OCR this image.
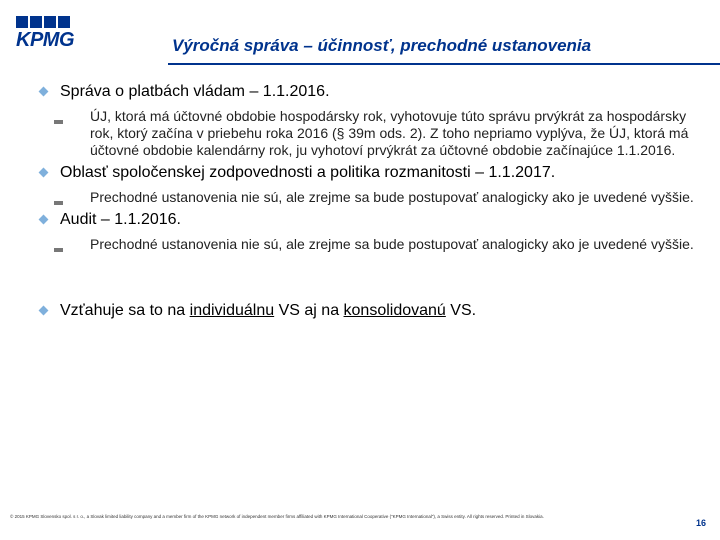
KPMG	Výročná správa – účinnosť, prechodné ustanovenia
Správa o platbách vládam – 1.1.2016.
ÚJ, ktorá má účtovné obdobie hospodársky rok, vyhotovuje túto správu prvýkrát za hospodársky rok, ktorý začína v priebehu roka 2016 (§ 39m ods. 2). Z toho nepriamo vyplýva, že ÚJ, ktorá má účtovné obdobie kalendárny rok, ju vyhotoví prvýkrát za účtovné obdobie začínajúce 1.1.2016.
Oblasť spoločenskej zodpovednosti a politika rozmanitosti – 1.1.2017.
Prechodné ustanovenia nie sú, ale zrejme sa bude postupovať analogicky ako je uvedené vyššie.
Audit – 1.1.2016.
Prechodné ustanovenia nie sú, ale zrejme sa bude postupovať analogicky ako je uvedené vyššie.
Vzťahuje sa to na individuálnu VS aj na konsolidovanú VS.
© 2015 KPMG Slovensko spol. s r. o., a Slovak limited liability company and a member firm of the KPMG network of independent member firms affiliated with KPMG International Cooperative (“KPMG International”), a Swiss entity. All rights reserved. Printed in Slovakia.
16
